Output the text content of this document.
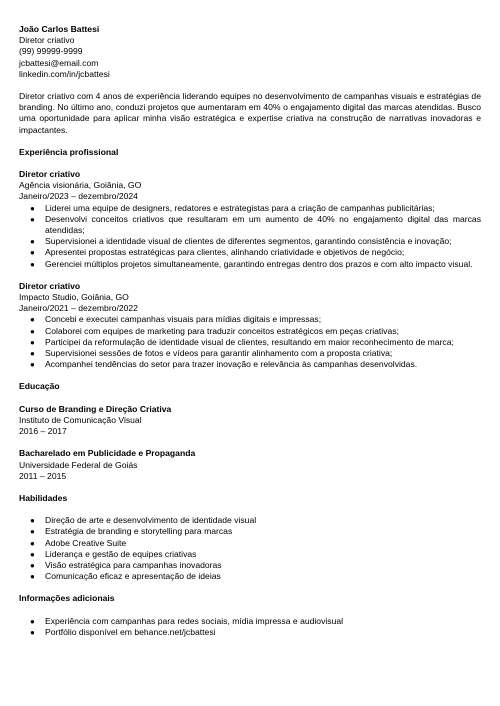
João Carlos Battesi
Diretor criativo
(99) 99999-9999
jcbattesi@email.com
linkedin.com/in/jcbattesi
Diretor criativo com 4 anos de experiência liderando equipes no desenvolvimento de campanhas visuais e estratégias de branding. No último ano, conduzi projetos que aumentaram em 40% o engajamento digital das marcas atendidas. Busco uma oportunidade para aplicar minha visão estratégica e expertise criativa na construção de narrativas inovadoras e impactantes.
Experiência profissional
Diretor criativo
Agência visionária, Goiânia, GO
Janeiro/2023 – dezembro/2024
● Liderei uma equipe de designers, redatores e estrategistas para a criação de campanhas publicitárias;
● Desenvolvi conceitos criativos que resultaram em um aumento de 40% no engajamento digital das marcas atendidas;
● Supervisionei a identidade visual de clientes de diferentes segmentos, garantindo consistência e inovação;
● Apresentei propostas estratégicas para clientes, alinhando criatividade e objetivos de negócio;
● Gerenciei múltiplos projetos simultaneamente, garantindo entregas dentro dos prazos e com alto impacto visual.
Diretor criativo
Impacto Studio, Goiânia, GO
Janeiro/2021 – dezembro/2022
● Concebi e executei campanhas visuais para mídias digitais e impressas;
● Colaborei com equipes de marketing para traduzir conceitos estratégicos em peças criativas;
● Participei da reformulação de identidade visual de clientes, resultando em maior reconhecimento de marca;
● Supervisionei sessões de fotos e vídeos para garantir alinhamento com a proposta criativa;
● Acompanhei tendências do setor para trazer inovação e relevância às campanhas desenvolvidas.
Educação
Curso de Branding e Direção Criativa
Instituto de Comunicação Visual
2016 – 2017
Bacharelado em Publicidade e Propaganda
Universidade Federal de Goiás
2011 – 2015
Habilidades
● Direção de arte e desenvolvimento de identidade visual
● Estratégia de branding e storytelling para marcas
● Adobe Creative Suite
● Liderança e gestão de equipes criativas
● Visão estratégica para campanhas inovadoras
● Comunicação eficaz e apresentação de ideias
Informações adicionais
● Experiência com campanhas para redes sociais, mídia impressa e audiovisual
● Portfólio disponível em behance.net/jcbattesi
